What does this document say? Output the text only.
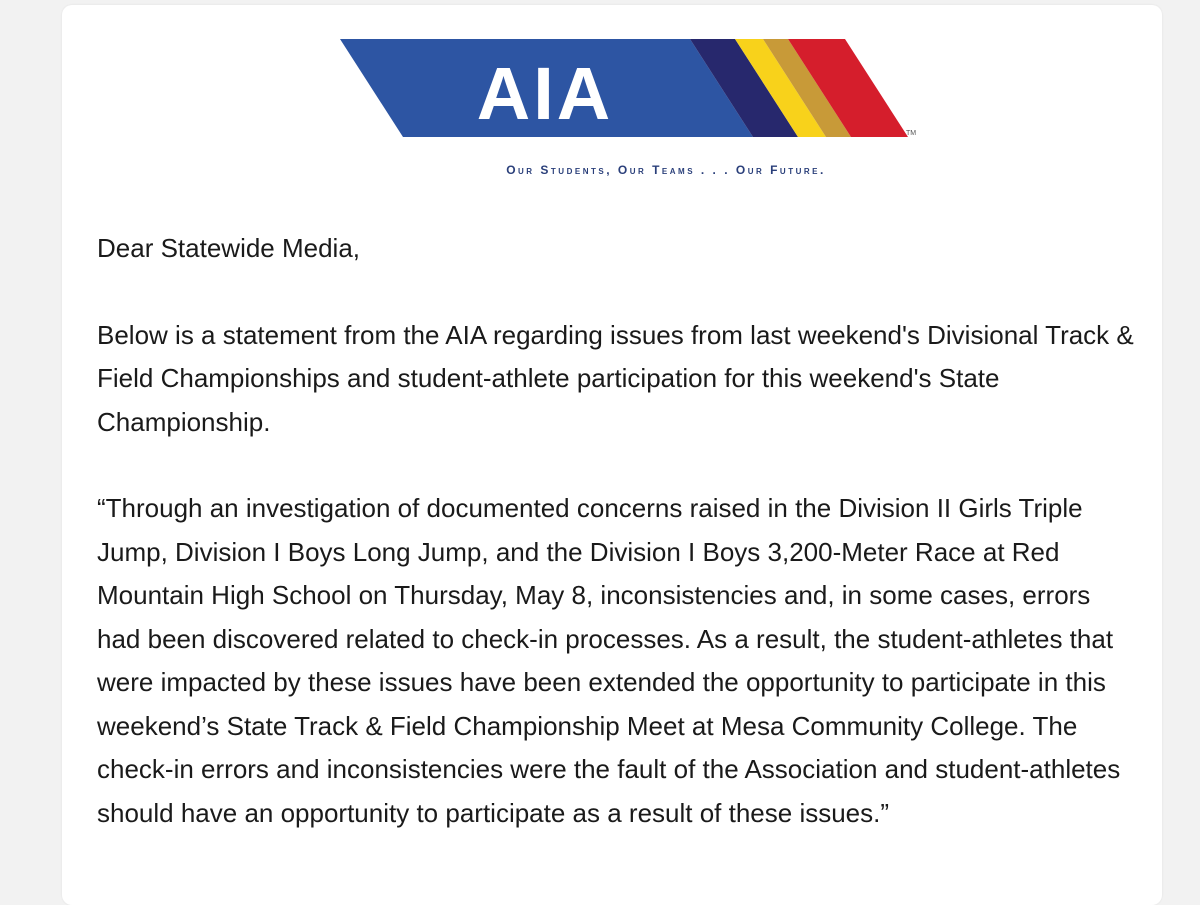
AIA	TM
Our Students, Our Teams . . . Our Future.

Dear Statewide Media,

Below is a statement from the AIA regarding issues from last weekend's Divisional Track & Field Championships and student-athlete participation for this weekend's State Championship.

“Through an investigation of documented concerns raised in the Division II Girls Triple Jump, Division I Boys Long Jump, and the Division I Boys 3,200-Meter Race at Red Mountain High School on Thursday, May 8, inconsistencies and, in some cases, errors had been discovered related to check-in processes. As a result, the student-athletes that were impacted by these issues have been extended the opportunity to participate in this weekend’s State Track & Field Championship Meet at Mesa Community College. The check-in errors and inconsistencies were the fault of the Association and student-athletes should have an opportunity to participate as a result of these issues.”
